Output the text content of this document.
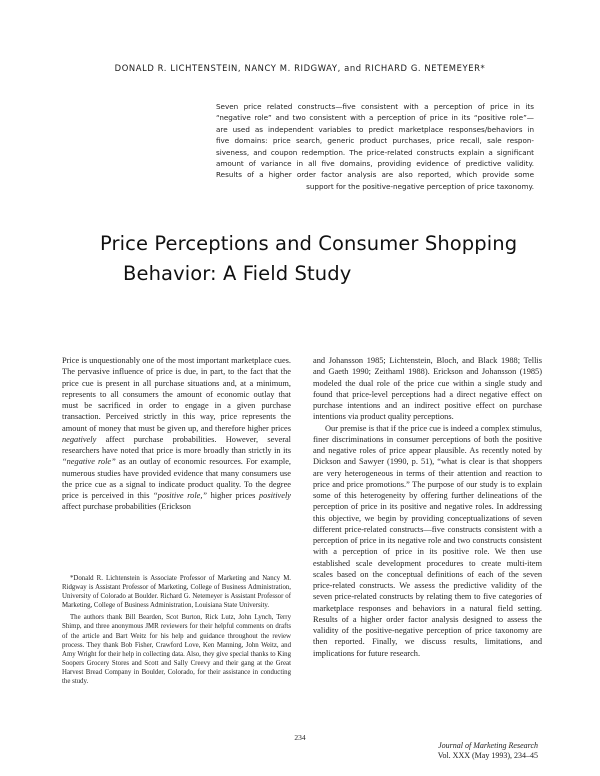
DONALD R. LICHTENSTEIN, NANCY M. RIDGWAY, and RICHARD G. NETEMEYER*
Seven price related constructs—five consistent with a perception of price in its
“negative role” and two consistent with a perception of price in its “positive role”—
are used as independent variables to predict marketplace responses/behaviors in
five domains: price search, generic product purchases, price recall, sale respon-
siveness, and coupon redemption. The price-related constructs explain a significant
amount of variance in all five domains, providing evidence of predictive validity.
Results of a higher order factor analysis are also reported, which provide some
support for the positive-negative perception of price taxonomy.
Price Perceptions and Consumer Shopping
Behavior: A Field Study

Price is unquestionably one of the most important marketplace cues. The pervasive influence of price is due, in part, to the fact that the price cue is present in all purchase situations and, at a minimum, represents to all consumers the amount of economic outlay that must be sacrificed in order to engage in a given purchase transaction. Perceived strictly in this way, price represents the amount of money that must be given up, and therefore higher prices negatively affect purchase probabilities. However, several researchers have noted that price is more broadly than strictly in its “negative role” as an outlay of economic resources. For example, numerous studies have provided evidence that many consumers use the price cue as a signal to indicate product quality. To the degree price is perceived in this “positive role,” higher prices positively affect purchase probabilities (Erickson

*Donald R. Lichtenstein is Associate Professor of Marketing and Nancy M. Ridgway is Assistant Professor of Marketing, College of Business Administration, University of Colorado at Boulder. Richard G. Netemeyer is Assistant Professor of Marketing, College of Business Administration, Louisiana State University.

The authors thank Bill Bearden, Scot Burton, Rick Lutz, John Lynch, Terry Shimp, and three anonymous JMR reviewers for their helpful comments on drafts of the article and Bart Weitz for his help and guidance throughout the review process. They thank Bob Fisher, Crawford Love, Ken Manning, John Weitz, and Amy Wright for their help in collecting data. Also, they give special thanks to King Soopers Grocery Stores and Scott and Sally Creevy and their gang at the Great Harvest Bread Company in Boulder, Colorado, for their assistance in conducting the study.

and Johansson 1985; Lichtenstein, Bloch, and Black 1988; Tellis and Gaeth 1990; Zeithaml 1988). Erickson and Johansson (1985) modeled the dual role of the price cue within a single study and found that price-level perceptions had a direct negative effect on purchase intentions and an indirect positive effect on purchase intentions via product quality perceptions.

Our premise is that if the price cue is indeed a complex stimulus, finer discriminations in consumer perceptions of both the positive and negative roles of price appear plausible. As recently noted by Dickson and Sawyer (1990, p. 51), “what is clear is that shoppers are very heterogeneous in terms of their attention and reaction to price and price promotions.” The purpose of our study is to explain some of this heterogeneity by offering further delineations of the perception of price in its positive and negative roles. In addressing this objective, we begin by providing conceptualizations of seven different price-related constructs—five constructs consistent with a perception of price in its negative role and two constructs consistent with a perception of price in its positive role. We then use established scale development procedures to create multi-item scales based on the conceptual definitions of each of the seven price-related constructs. We assess the predictive validity of the seven price-related constructs by relating them to five categories of marketplace responses and behaviors in a natural field setting. Results of a higher order factor analysis designed to assess the validity of the positive-negative perception of price taxonomy are then reported. Finally, we discuss results, limitations, and implications for future research.

234
Journal of Marketing Research
Vol. XXX (May 1993), 234–45
